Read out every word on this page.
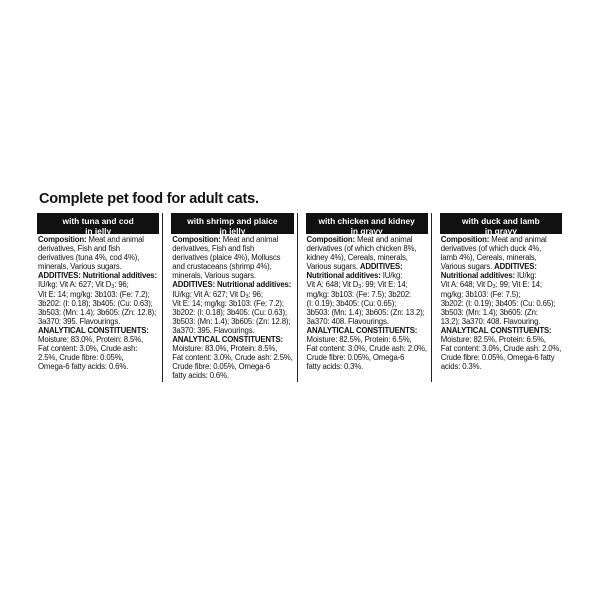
Complete pet food for adult cats.
with tuna and cod
in jelly

Composition: Meat and animal

derivatives, Fish and fish

derivatives (tuna 4%, cod 4%),

minerals, Various sugars.

ADDITIVES: Nutritional additives:

IU/kg: Vit A: 627; Vit $D_3$: 96;

Vit E: 14; mg/kg: 3b103: (Fe: 7.2);

3b202: (I: 0.18); 3b405: (Cu: 0.63);

3b503: (Mn: 1.4); 3b605: (Zn: 12.8);

3a370: 395. Flavourings.

ANALYTICAL CONSTITUENTS:

Moisture: 83.0%, Protein: 8.5%,

Fat content: 3.0%, Crude ash:

2.5%, Crude fibre: 0.05%,

Omega-6 fatty acids: 0.6%.

with shrimp and plaice
in jelly

Composition: Meat and animal

derivatives, Fish and fish

derivatives (plaice 4%), Molluscs

and crustaceans (shrimp 4%),

minerals, Various sugars.

ADDITIVES: Nutritional additives:

IU/kg: Vit A: 627; Vit $D_3$: 96;

Vit E: 14; mg/kg: 3b103: (Fe: 7.2);

3b202: (I: 0.18); 3b405: (Cu: 0.63);

3b503: (Mn: 1.4); 3b605: (Zn: 12.8);

3a370: 395. Flavourings.

ANALYTICAL CONSTITUENTS:

Moisture: 83.0%, Protein: 8.5%,

Fat content: 3.0%, Crude ash: 2.5%,

Crude fibre: 0.05%, Omega-6

fatty acids: 0.6%.

with chicken and kidney
in gravy

Composition: Meat and animal

derivatives (of which chicken 8%,

kidney 4%), Cereals, minerals,

Various sugars. ADDITIVES:

Nutritional additives: IU/kg:

Vit A: 648; Vit $D_3$: 99; Vit E: 14;

mg/kg: 3b103: (Fe: 7.5); 3b202:

(I: 0.19); 3b405: (Cu: 0.65);

3b503: (Mn: 1.4); 3b605: (Zn: 13.2);

3a370: 408. Flavourings.

ANALYTICAL CONSTITUENTS:

Moisture: 82.5%, Protein: 6.5%,

Fat content: 3.0%, Crude ash: 2.0%,

Crude fibre: 0.05%, Omega-6

fatty acids: 0.3%.

with duck and lamb
in gravy

Composition: Meat and animal

derivatives (of which duck 4%,

lamb 4%), Cereals, minerals,

Various sugars. ADDITIVES:

Nutritional additives: IU/kg:

Vit A: 648; Vit $D_3$: 99; Vit E: 14;

mg/kg: 3b103: (Fe: 7.5);

3b202: (I: 0.19); 3b405: (Cu: 0.65);

3b503: (Mn: 1.4); 3b605: (Zn:

13.2); 3a370: 408. Flavouring.

ANALYTICAL CONSTITUENTS:

Moisture: 82.5%, Protein: 6.5%,

Fat content: 3.0%, Crude ash: 2.0%,

Crude fibre: 0.05%, Omega-6 fatty

acids: 0.3%.
